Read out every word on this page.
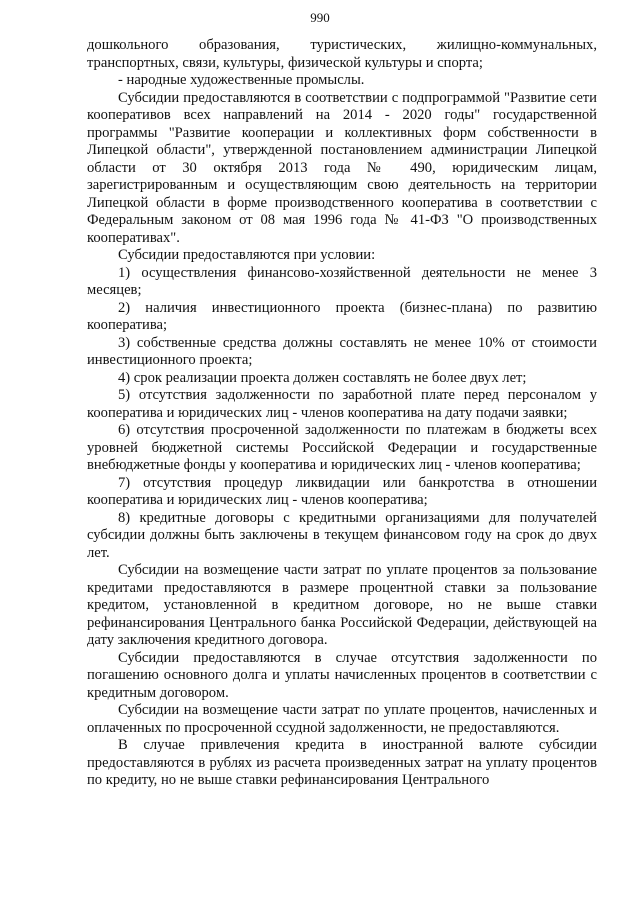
990

дошкольного образования, туристических, жилищно-коммунальных, транспортных, связи, культуры, физической культуры и спорта;

- народные художественные промыслы.

Субсидии предоставляются в соответствии с подпрограммой "Развитие сети кооперативов всех направлений на 2014 - 2020 годы" государственной программы "Развитие кооперации и коллективных форм собственности в Липецкой области", утвержденной постановлением администрации Липецкой области от 30 октября 2013 года № 490, юридическим лицам, зарегистрированным и осуществляющим свою деятельность на территории Липецкой области в форме производственного кооператива в соответствии с Федеральным законом от 08 мая 1996 года № 41-ФЗ "О производственных кооперативах".

Субсидии предоставляются при условии:

1) осуществления финансово-хозяйственной деятельности не менее 3 месяцев;

2) наличия инвестиционного проекта (бизнес-плана) по развитию кооператива;

3) собственные средства должны составлять не менее 10% от стоимости инвестиционного проекта;

4) срок реализации проекта должен составлять не более двух лет;

5) отсутствия задолженности по заработной плате перед персоналом у кооператива и юридических лиц - членов кооператива на дату подачи заявки;

6) отсутствия просроченной задолженности по платежам в бюджеты всех уровней бюджетной системы Российской Федерации и государственные внебюджетные фонды у кооператива и юридических лиц - членов кооператива;

7) отсутствия процедур ликвидации или банкротства в отношении кооператива и юридических лиц - членов кооператива;

8) кредитные договоры с кредитными организациями для получателей субсидии должны быть заключены в текущем финансовом году на срок до двух лет.

Субсидии на возмещение части затрат по уплате процентов за пользование кредитами предоставляются в размере процентной ставки за пользование кредитом, установленной в кредитном договоре, но не выше ставки рефинансирования Центрального банка Российской Федерации, действующей на дату заключения кредитного договора.

Субсидии предоставляются в случае отсутствия задолженности по погашению основного долга и уплаты начисленных процентов в соответствии с кредитным договором.

Субсидии на возмещение части затрат по уплате процентов, начисленных и оплаченных по просроченной ссудной задолженности, не предоставляются.

В случае привлечения кредита в иностранной валюте субсидии предоставляются в рублях из расчета произведенных затрат на уплату процентов по кредиту, но не выше ставки рефинансирования Центрального
